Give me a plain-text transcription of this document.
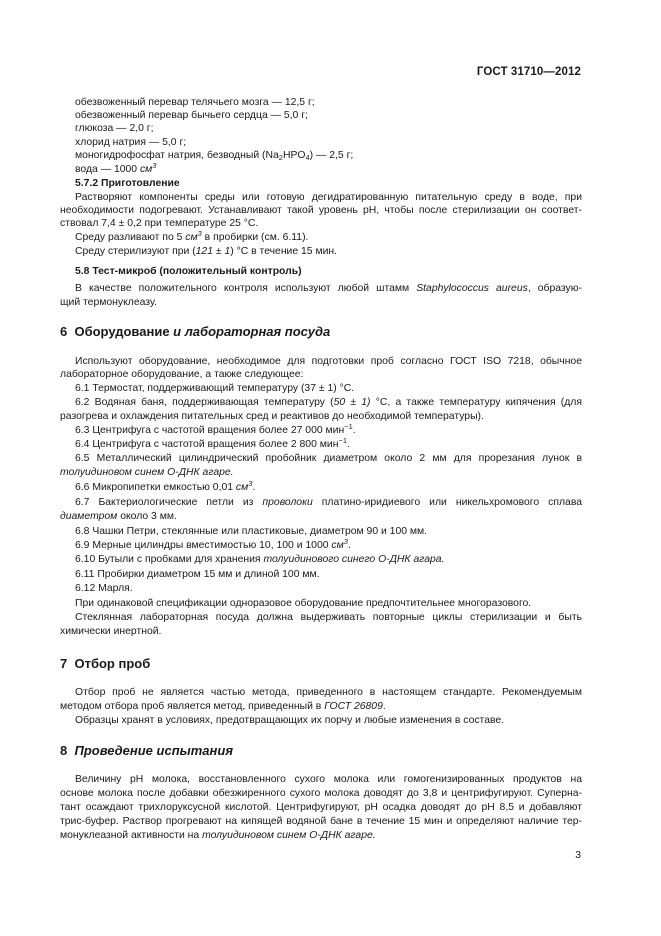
ГОСТ 31710—2012
обезвоженный перевар телячьего мозга — 12,5 г;
обезвоженный перевар бычьего сердца — 5,0 г;
глюкоза — 2,0 г;
хлорид натрия — 5,0 г;
моногидрофосфат натрия, безводный $(Na_2HPO_4)$ — 2,5 г;
вода — 1000 $см^3$
5.7.2 Приготовление
Растворяют компоненты среды или готовую дегидратированную питательную среду в воде, при
необходимости подогревают. Устанавливают такой уровень pH, чтобы после стерилизации он соответ-
ствовал 7,4 ± 0,2 при температуре 25 °С.
Среду разливают по 5 $см^3$ в пробирки (см. 6.11).
Среду стерилизуют при (121 ± 1) °С в течение 15 мин.
5.8 Тест-микроб (положительный контроль)
В качестве положительного контроля используют любой штамм Staphylococcus aureus, образую-
щий термонуклеазу.
6 Оборудование и лабораторная посуда
Используют оборудование, необходимое для подготовки проб согласно ГОСТ ISO 7218, обычное
лабораторное оборудование, а также следующее:
6.1 Термостат, поддерживающий температуру (37 ± 1) °С.
6.2 Водяная баня, поддерживающая температуру (50 ± 1) °С, а также температуру кипячения (для
разогрева и охлаждения питательных сред и реактивов до необходимой температуры).
6.3 Центрифуга с частотой вращения более 27 000 мин$^{-1}$.
6.4 Центрифуга с частотой вращения более 2 800 мин$^{-1}$.
6.5 Металлический цилиндрический пробойник диаметром около 2 мм для прорезания лунок в
толуидиновом синем О-ДНК агаре.
6.6 Микропипетки емкостью 0,01 $см^3$.
6.7 Бактериологические петли из проволоки платино-иридиевого или никельхромового сплава
диаметром около 3 мм.
6.8 Чашки Петри, стеклянные или пластиковые, диаметром 90 и 100 мм.
6.9 Мерные цилиндры вместимостью 10, 100 и 1000 $см^3$.
6.10 Бутыли с пробками для хранения толуидинового синего О-ДНК агара.
6.11 Пробирки диаметром 15 мм и длиной 100 мм.
6.12 Марля.
При одинаковой спецификации одноразовое оборудование предпочтительнее многоразового.
Стеклянная лабораторная посуда должна выдерживать повторные циклы стерилизации и быть
химически инертной.
7 Отбор проб
Отбор проб не является частью метода, приведенного в настоящем стандарте. Рекомендуемым
методом отбора проб является метод, приведенный в ГОСТ 26809.
Образцы хранят в условиях, предотвращающих их порчу и любые изменения в составе.
8 Проведение испытания
Величину pH молока, восстановленного сухого молока или гомогенизированных продуктов на
основе молока после добавки обезжиренного сухого молока доводят до 3,8 и центрифугируют. Суперна-
тант осаждают трихлоруксусной кислотой. Центрифугируют, pH осадка доводят до pH 8,5 и добавляют
трис-буфер. Раствор прогревают на кипящей водяной бане в течение 15 мин и определяют наличие тер-
монуклеазной активности на толуидиновом синем О-ДНК агаре.
3
